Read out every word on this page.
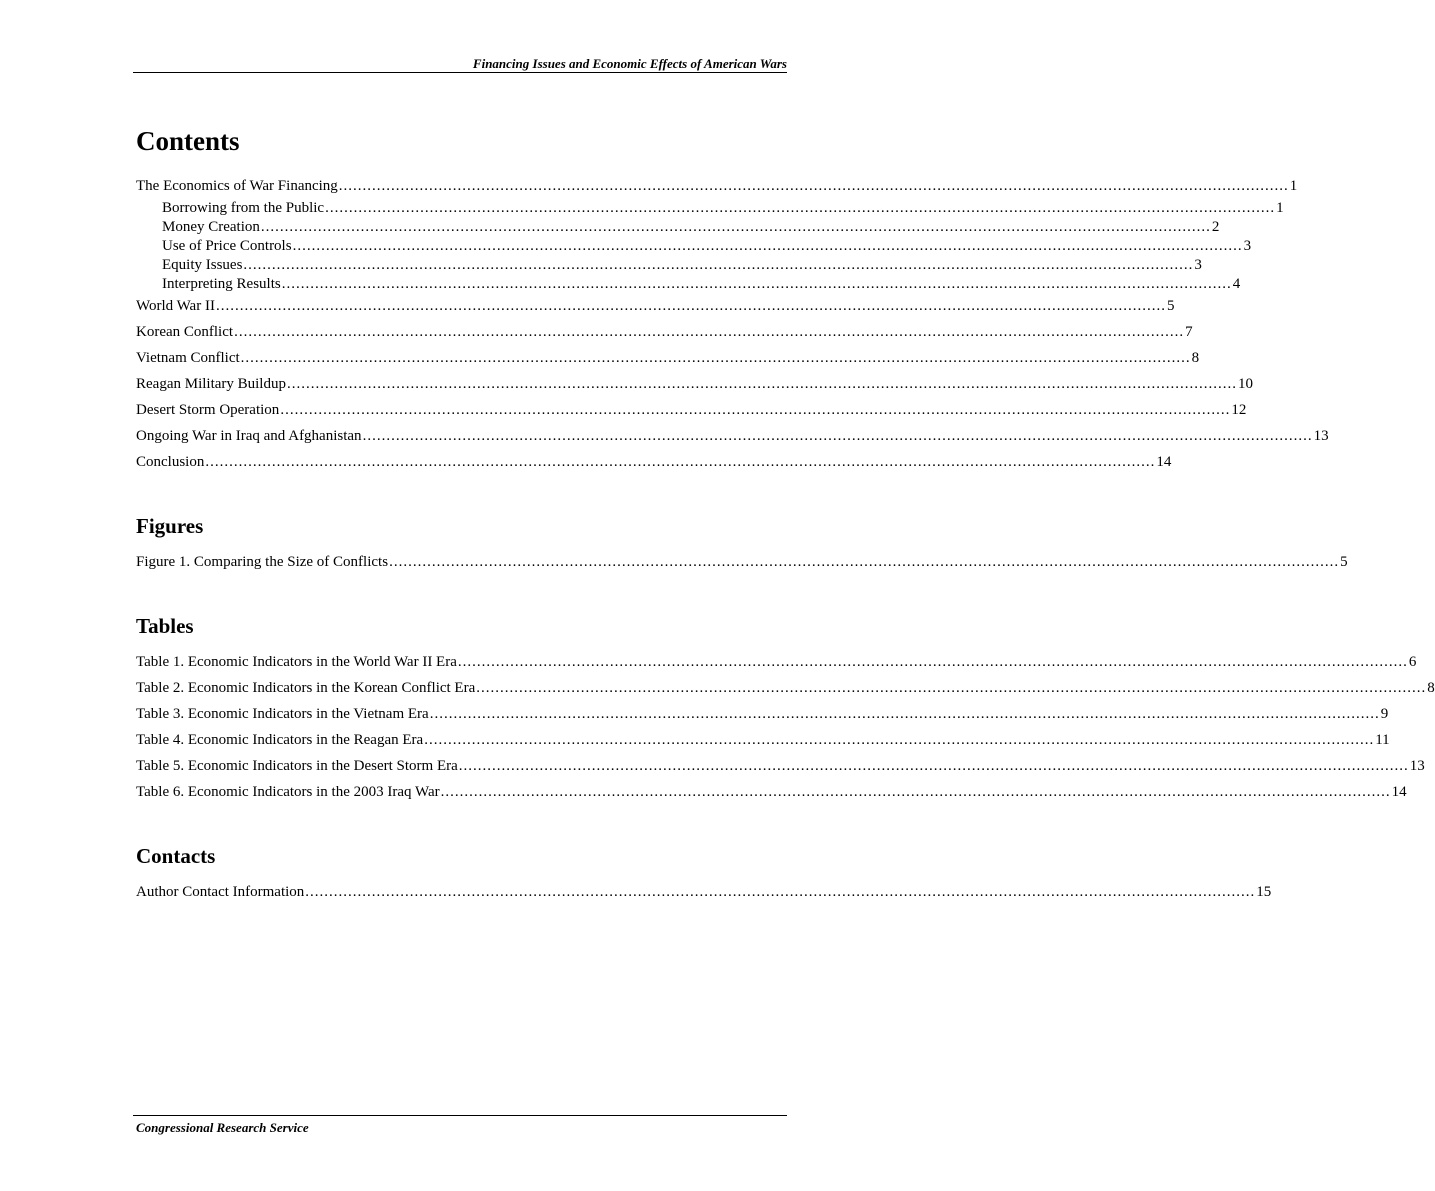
Financing Issues and Economic Effects of American Wars
Contents
The Economics of War Financing ........................................................................................................................................................................................................ 1
Borrowing from the Public ........................................................................................................................................................................................................ 1
Money Creation ........................................................................................................................................................................................................ 2
Use of Price Controls ........................................................................................................................................................................................................ 3
Equity Issues ........................................................................................................................................................................................................ 3
Interpreting Results ........................................................................................................................................................................................................ 4
World War II ........................................................................................................................................................................................................ 5
Korean Conflict ........................................................................................................................................................................................................ 7
Vietnam Conflict ........................................................................................................................................................................................................ 8
Reagan Military Buildup ........................................................................................................................................................................................................ 10
Desert Storm Operation ........................................................................................................................................................................................................ 12
Ongoing War in Iraq and Afghanistan ........................................................................................................................................................................................................ 13
Conclusion ........................................................................................................................................................................................................ 14
Figures
Figure 1. Comparing the Size of Conflicts ........................................................................................................................................................................................................ 5
Tables
Table 1. Economic Indicators in the World War II Era ........................................................................................................................................................................................................ 6
Table 2. Economic Indicators in the Korean Conflict Era ........................................................................................................................................................................................................ 8
Table 3. Economic Indicators in the Vietnam Era ........................................................................................................................................................................................................ 9
Table 4. Economic Indicators in the Reagan Era ........................................................................................................................................................................................................ 11
Table 5. Economic Indicators in the Desert Storm Era ........................................................................................................................................................................................................ 13
Table 6. Economic Indicators in the 2003 Iraq War ........................................................................................................................................................................................................ 14
Contacts
Author Contact Information ........................................................................................................................................................................................................ 15
Congressional Research Service
